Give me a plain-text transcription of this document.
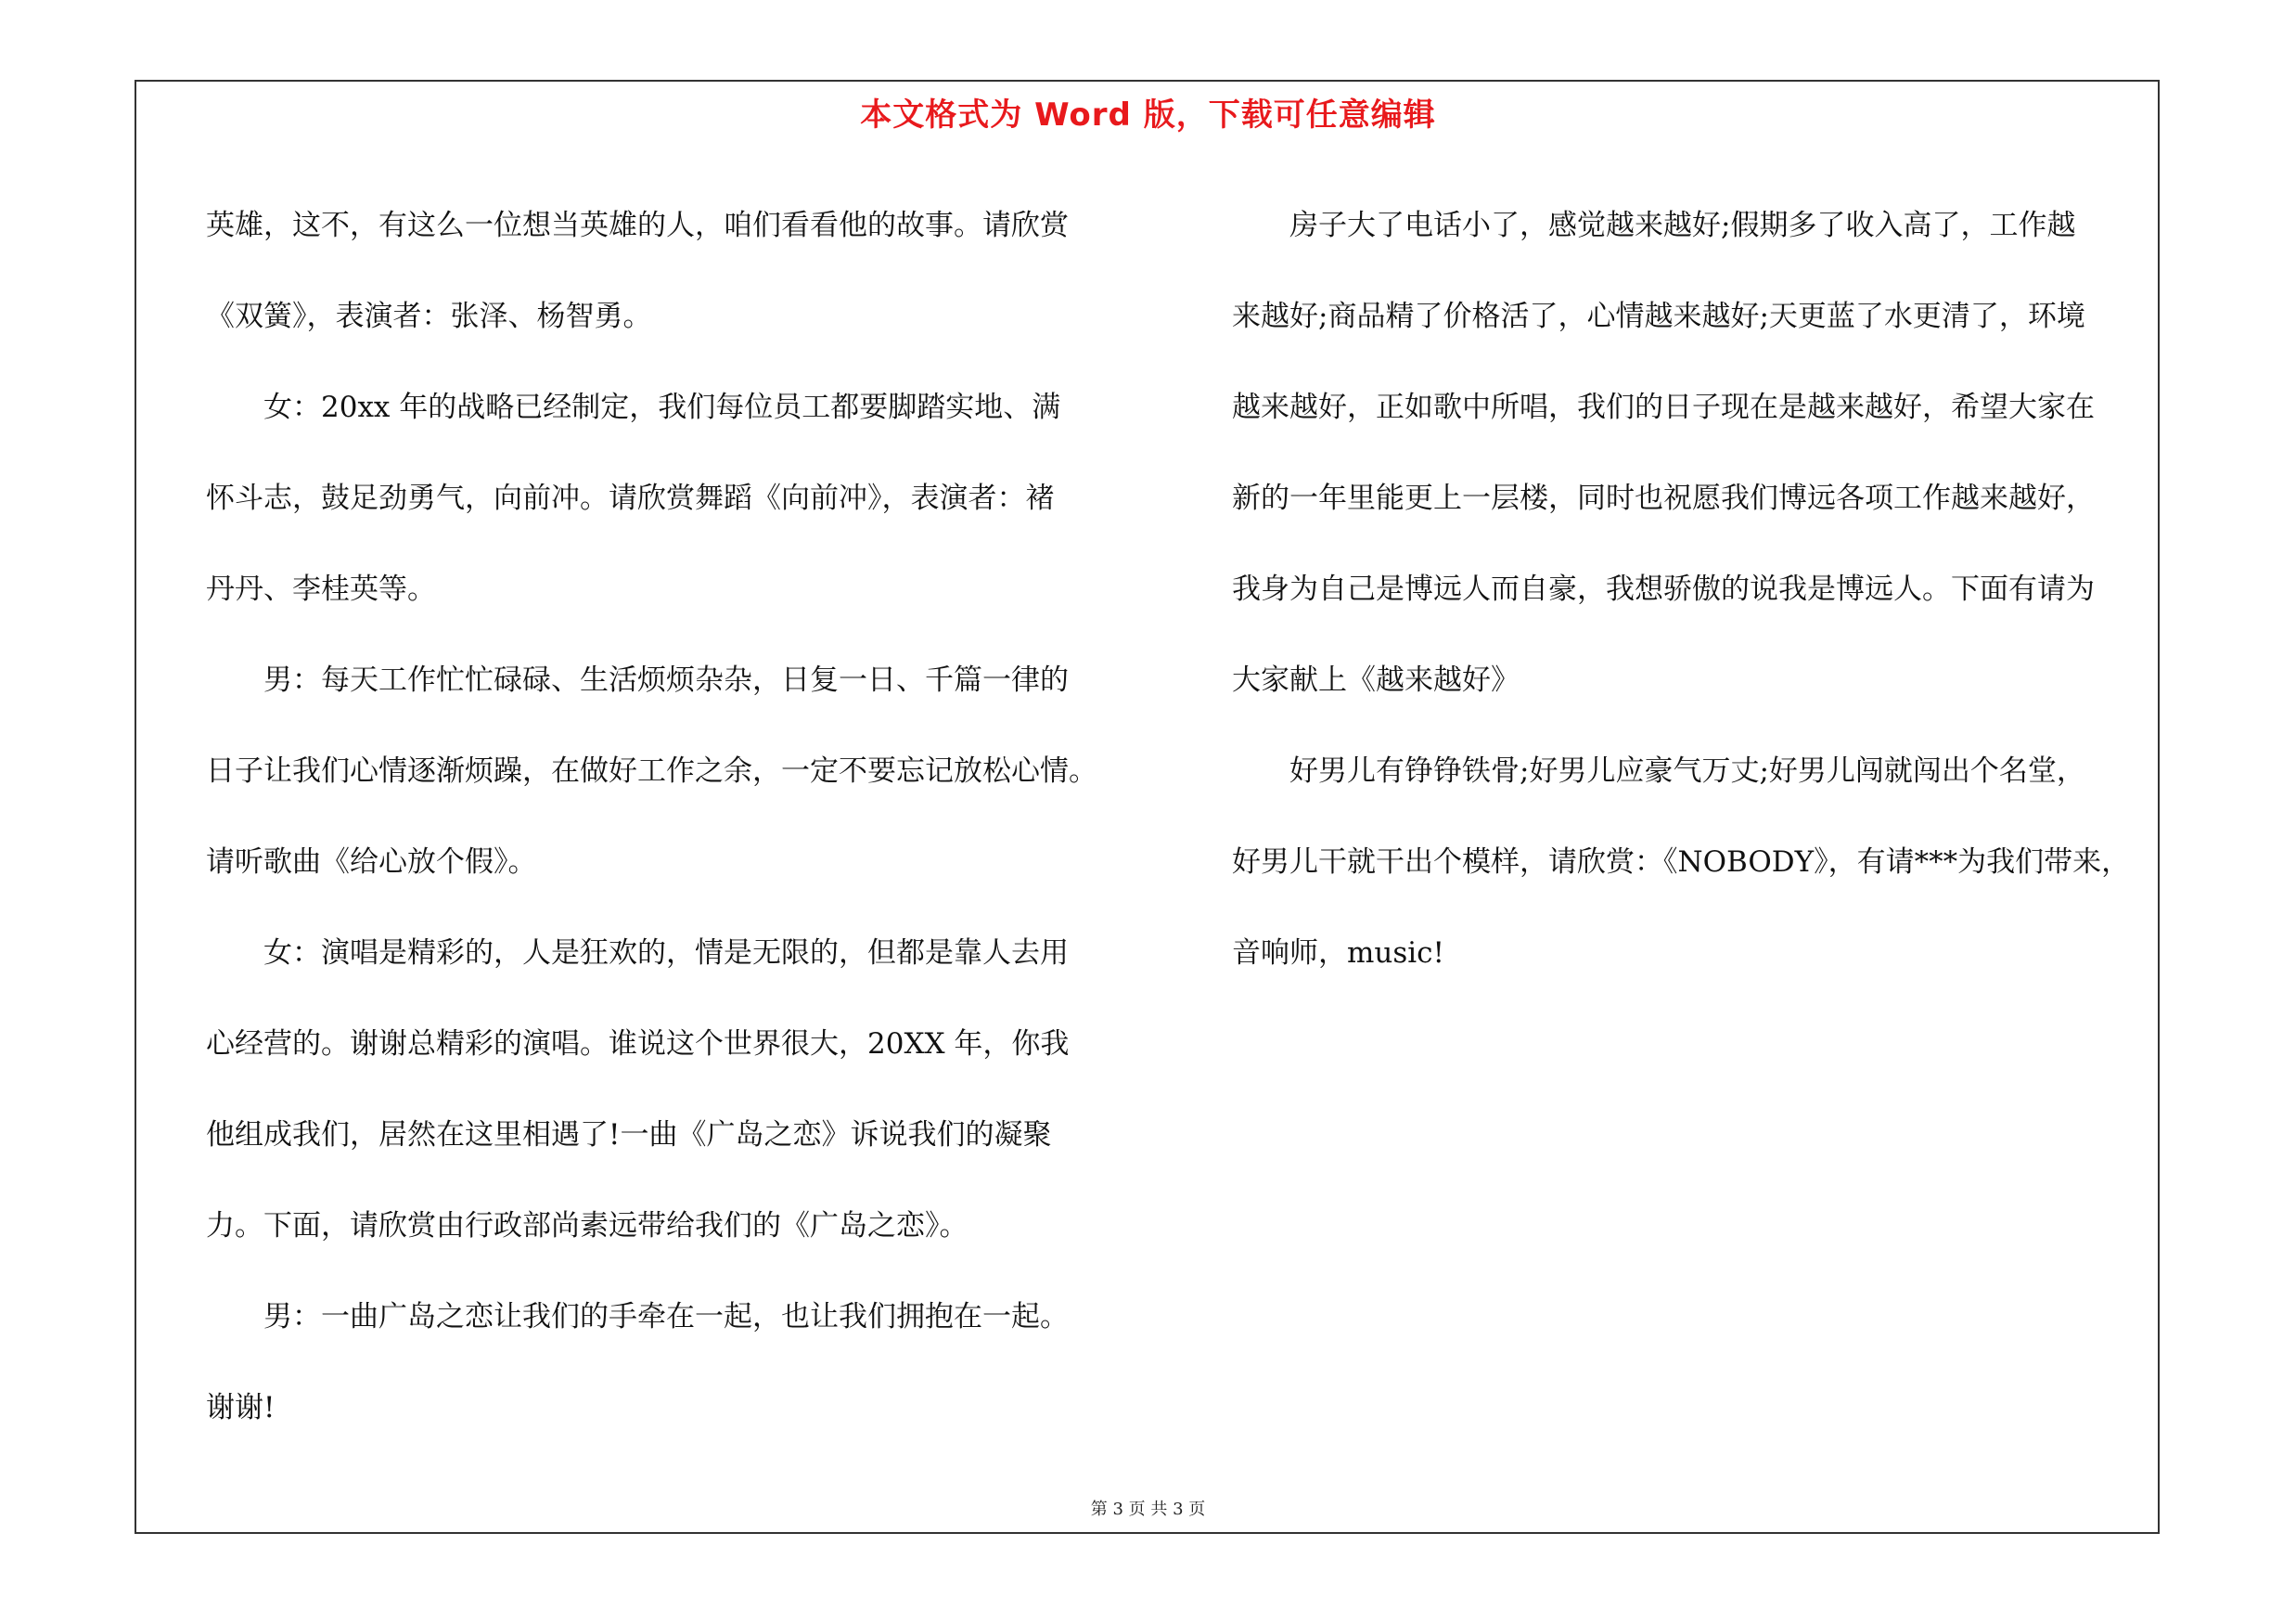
本文格式为 Word 版，下载可任意编辑
英雄，这不，有这么一位想当英雄的人，咱们看看他的故事。请欣赏
《双簧》，表演者：张泽、杨智勇。
　　女：20xx 年的战略已经制定，我们每位员工都要脚踏实地、满
怀斗志，鼓足劲勇气，向前冲。请欣赏舞蹈《向前冲》，表演者：褚
丹丹、李桂英等。
　　男：每天工作忙忙碌碌、生活烦烦杂杂，日复一日、千篇一律的
日子让我们心情逐渐烦躁，在做好工作之余，一定不要忘记放松心情。
请听歌曲《给心放个假》。
　　女：演唱是精彩的，人是狂欢的，情是无限的，但都是靠人去用
心经营的。谢谢总精彩的演唱。谁说这个世界很大，20XX 年，你我
他组成我们，居然在这里相遇了!一曲《广岛之恋》诉说我们的凝聚
力。下面，请欣赏由行政部尚素远带给我们的《广岛之恋》。
　　男：一曲广岛之恋让我们的手牵在一起，也让我们拥抱在一起。
谢谢!
　　房子大了电话小了，感觉越来越好;假期多了收入高了，工作越
来越好;商品精了价格活了，心情越来越好;天更蓝了水更清了，环境
越来越好，正如歌中所唱，我们的日子现在是越来越好，希望大家在
新的一年里能更上一层楼，同时也祝愿我们博远各项工作越来越好，
我身为自己是博远人而自豪，我想骄傲的说我是博远人。下面有请为
大家献上《越来越好》
　　好男儿有铮铮铁骨;好男儿应豪气万丈;好男儿闯就闯出个名堂，
好男儿干就干出个模样，请欣赏：《NOBODY》，有请***为我们带来，
音响师，music!
第 3 页 共 3 页
